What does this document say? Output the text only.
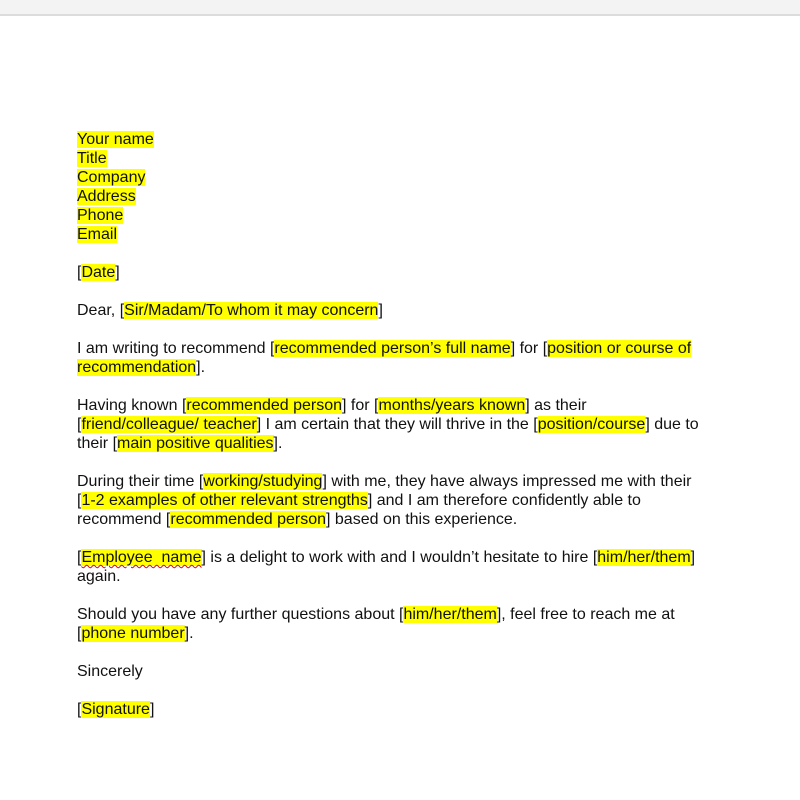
Your name
Title
Company
Address
Phone
Email
[Date]
Dear, [Sir/Madam/To whom it may concern]
I am writing to recommend [recommended person’s full name] for [position or course of
recommendation].
Having known [recommended person] for [months/years known] as their
[friend/colleague/ teacher] I am certain that they will thrive in the [position/course] due to
their [main positive qualities].
During their time [working/studying] with me, they have always impressed me with their
[1-2 examples of other relevant strengths] and I am therefore confidently able to
recommend [recommended person] based on this experience.
[Employee  name] is a delight to work with and I wouldn’t hesitate to hire [him/her/them]
again.
Should you have any further questions about [him/her/them], feel free to reach me at
[phone number].
Sincerely
[Signature]
